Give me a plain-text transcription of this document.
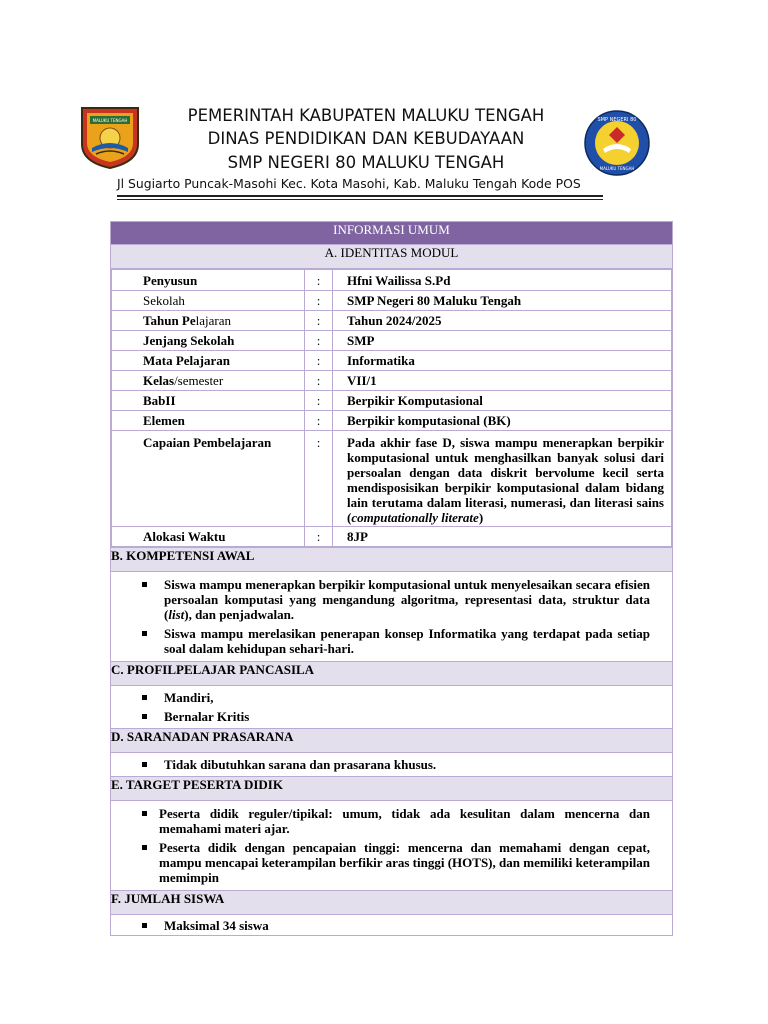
MALUKU TENGAH	PEMERINTAH KABUPATEN MALUKU TENGAH
DINAS PENDIDIKAN DAN KEBUDAYAAN
SMP NEGERI 80 MALUKU TENGAH
Jl Sugiarto Puncak-Masohi Kec. Kota Masohi, Kab. Maluku Tengah Kode POS
SMP NEGERI 80
MALUKU TENGAH
INFORMASI UMUM
A. IDENTITAS MODUL

Penyusun	:	Hfni Wailissa S.Pd
Sekolah	:	SMP Negeri 80 Maluku Tengah
Tahun Pelajaran	:	Tahun 2024/2025
Jenjang Sekolah	:	SMP
Mata Pelajaran	:	Informatika
Kelas/semester	:	VII/1
BabII	:	Berpikir Komputasional
Elemen	:	Berpikir komputasional (BK)
Capaian Pembelajaran	:	Pada akhir fase D, siswa mampu menerapkan berpikir komputasional untuk menghasilkan banyak solusi dari persoalan dengan data diskrit bervolume kecil serta mendisposisikan berpikir komputasional dalam bidang lain terutama dalam literasi, numerasi, dan literasi sains (computationally literate)
Alokasi Waktu	:	8JP

B. KOMPETENSI AWAL

Siswa mampu menerapkan berpikir komputasional untuk menyelesaikan secara efisien persoalan komputasi yang mengandung algoritma, representasi data, struktur data (list), dan penjadwalan.
Siswa mampu merelasikan penerapan konsep Informatika yang terdapat pada setiap soal dalam kehidupan sehari-hari.

C. PROFILPELAJAR PANCASILA

Mandiri,
Bernalar Kritis

D. SARANADAN PRASARANA

Tidak dibutuhkan sarana dan prasarana khusus.

E. TARGET PESERTA DIDIK

Peserta didik reguler/tipikal: umum, tidak ada kesulitan dalam mencerna dan memahami materi ajar.
Peserta didik dengan pencapaian tinggi: mencerna dan memahami dengan cepat, mampu mencapai keterampilan berfikir aras tinggi (HOTS), dan memiliki keterampilan memimpin

F. JUMLAH SISWA

Maksimal 34 siswa
